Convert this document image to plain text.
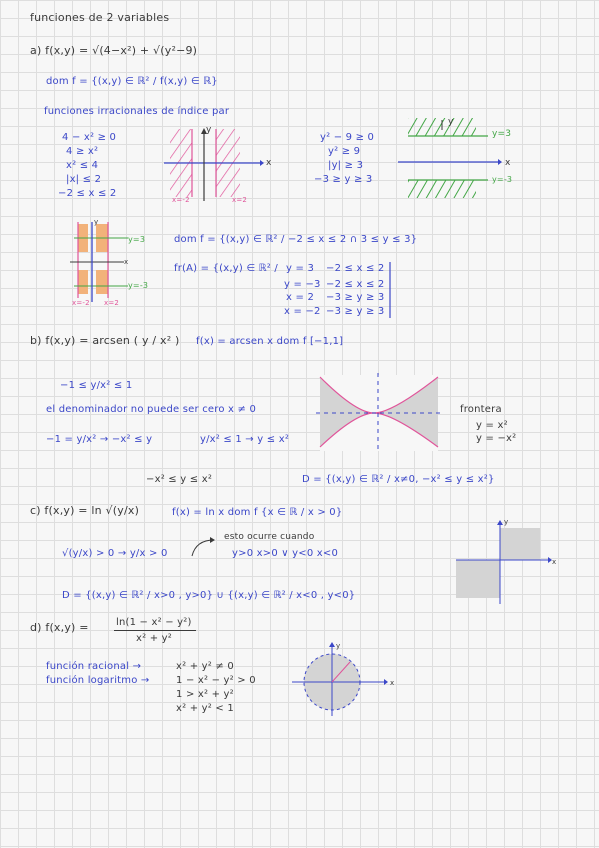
funciones de 2 variables
a) f(x,y) = √(4−x²) + √(y²−9)
dom f = {(x,y) ∈ ℝ² / f(x,y) ∈ ℝ}
funciones irracionales de índice par
4 − x² ≥ 0
4 ≥ x²
x² ≤ 4
|x| ≤ 2
−2 ≤ x ≤ 2
y
x
x=-2	x=2
y² − 9 ≥ 0
y² ≥ 9
|y| ≥ 3
−3 ≥ y ≥ 3
y
x
y=3
y=-3
y
x
y=3
y=-3
x=-2 x=2
dom f = {(x,y) ∈ ℝ² / −2 ≤ x ≤ 2 ∩ 3 ≤ y ≤ 3}
fr(A) = {(x,y) ∈ ℝ² / y = 3 −2 ≤ x ≤ 2
y = −3 −2 ≤ x ≤ 2
x = 2 −3 ≥ y ≥ 3
x = −2 −3 ≥ y ≥ 3
b) f(x,y) = arcsen ( y / x² ) f(x) = arcsen x dom f [−1,1]
−1 ≤ y/x² ≤ 1
el denominador no puede ser cero x ≠ 0
−1 = y/x² → −x² ≤ y	y/x² ≤ 1 → y ≤ x²
frontera
y = x²
y = −x²
−x² ≤ y ≤ x²	D = {(x,y) ∈ ℝ² / x≠0, −x² ≤ y ≤ x²}
c) f(x,y) = ln √(y/x)	f(x) = ln x dom f {x ∈ ℝ / x > 0}
√(y/x) > 0 → y/x > 0
esto ocurre cuando
y>0 x>0 ∨ y<0 x<0
y
x
D = {(x,y) ∈ ℝ² / x>0 , y>0} ∪ {(x,y) ∈ ℝ² / x<0 , y<0}
d) f(x,y) =	ln(1 − x² − y²)
x² + y²
función racional →	x² + y² ≠ 0
función logaritmo →	1 − x² − y² > 0
1 > x² + y²
x² + y² < 1
y
x
